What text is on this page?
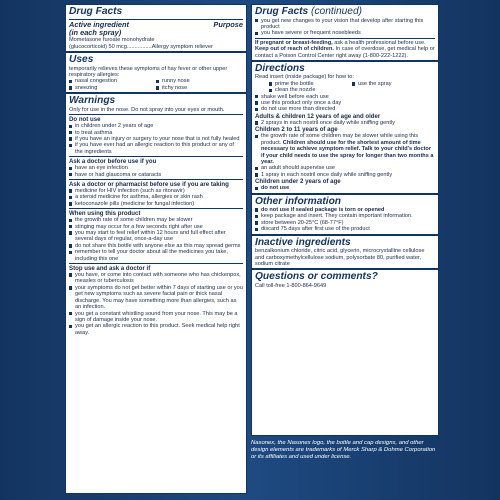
Drug Facts
Active ingredient	Purpose
(in each spray)
Mometasone furoate monohydrate
(glucocorticoid) 50 mcg................Allergy symptom reliever
Uses

temporarily relieves these symptoms of hay fever or other upper respiratory allergies:

nasal congestion	runny nose
sneezing	itchy nose
Warnings

Only for use in the nose. Do not spray into your eyes or mouth.

Do not use
in children under 2 years of age
to treat asthma
if you have an injury or surgery to your nose that is not fully healed
if you have ever had an allergic reaction to this product or any of the ingredients
Ask a doctor before use if you
have an eye infection
have or had glaucoma or cataracts
Ask a doctor or pharmacist before use if you are taking
medicine for HIV infection (such as ritonavir)
a steroid medicine for asthma, allergies or skin rash
ketoconazole pills (medicine for fungal infection)
When using this product
the growth rate of some children may be slower
stinging may occur for a few seconds right after use
you may start to feel relief within 12 hours and full effect after several days of regular, once-a-day use
do not share this bottle with anyone else as this may spread germs
remember to tell your doctor about all the medicines you take, including this one
Stop use and ask a doctor if
you have, or come into contact with someone who has chickenpox, measles or tuberculosis
your symptoms do not get better within 7 days of starting use or you get new symptoms such as severe facial pain or thick nasal discharge. You may have something more than allergies, such as an infection.
you get a constant whistling sound from your nose. This may be a sign of damage inside your nose.
you get an allergic reaction to this product. Seek medical help right away.
Drug Facts (continued)
you get new changes to your vision that develop after starting this product
you have severe or frequent nosebleeds

If pregnant or breast-feeding, ask a health professional before use.

Keep out of reach of children. In case of overdose, get medical help or contact a Poison Control Center right away (1-800-222-1222).

Directions

Read insert (inside package) for how to:

prime the bottle	use the spray
clean the nozzle
shake well before each use
use this product only once a day
do not use more than directed
Adults & children 12 years of age and older
2 sprays in each nostril once daily while sniffing gently
Children 2 to 11 years of age
the growth rate of some children may be slower while using this product. Children should use for the shortest amount of time necessary to achieve symptom relief. Talk to your child's doctor if your child needs to use the spray for longer than two months a year.
an adult should supervise use
1 spray in each nostril once daily while sniffing gently
Children under 2 years of age
do not use
Other information
do not use if sealed package is torn or opened
keep package and insert. They contain important information.
store between 20-25°C (68-77°F)
discard 75 days after first use of the product
Inactive ingredients

benzalkonium chloride, citric acid, glycerin, microcrystalline cellulose and carboxymethylcellulose sodium, polysorbate 80, purified water, sodium citrate

Questions or comments?

Call toll-free 1-800-864-9649

Nasonex, the Nasonex logo, the bottle and cap designs, and other design elements are trademarks of Merck Sharp & Dohme Corporation or its affiliates and used under license.
